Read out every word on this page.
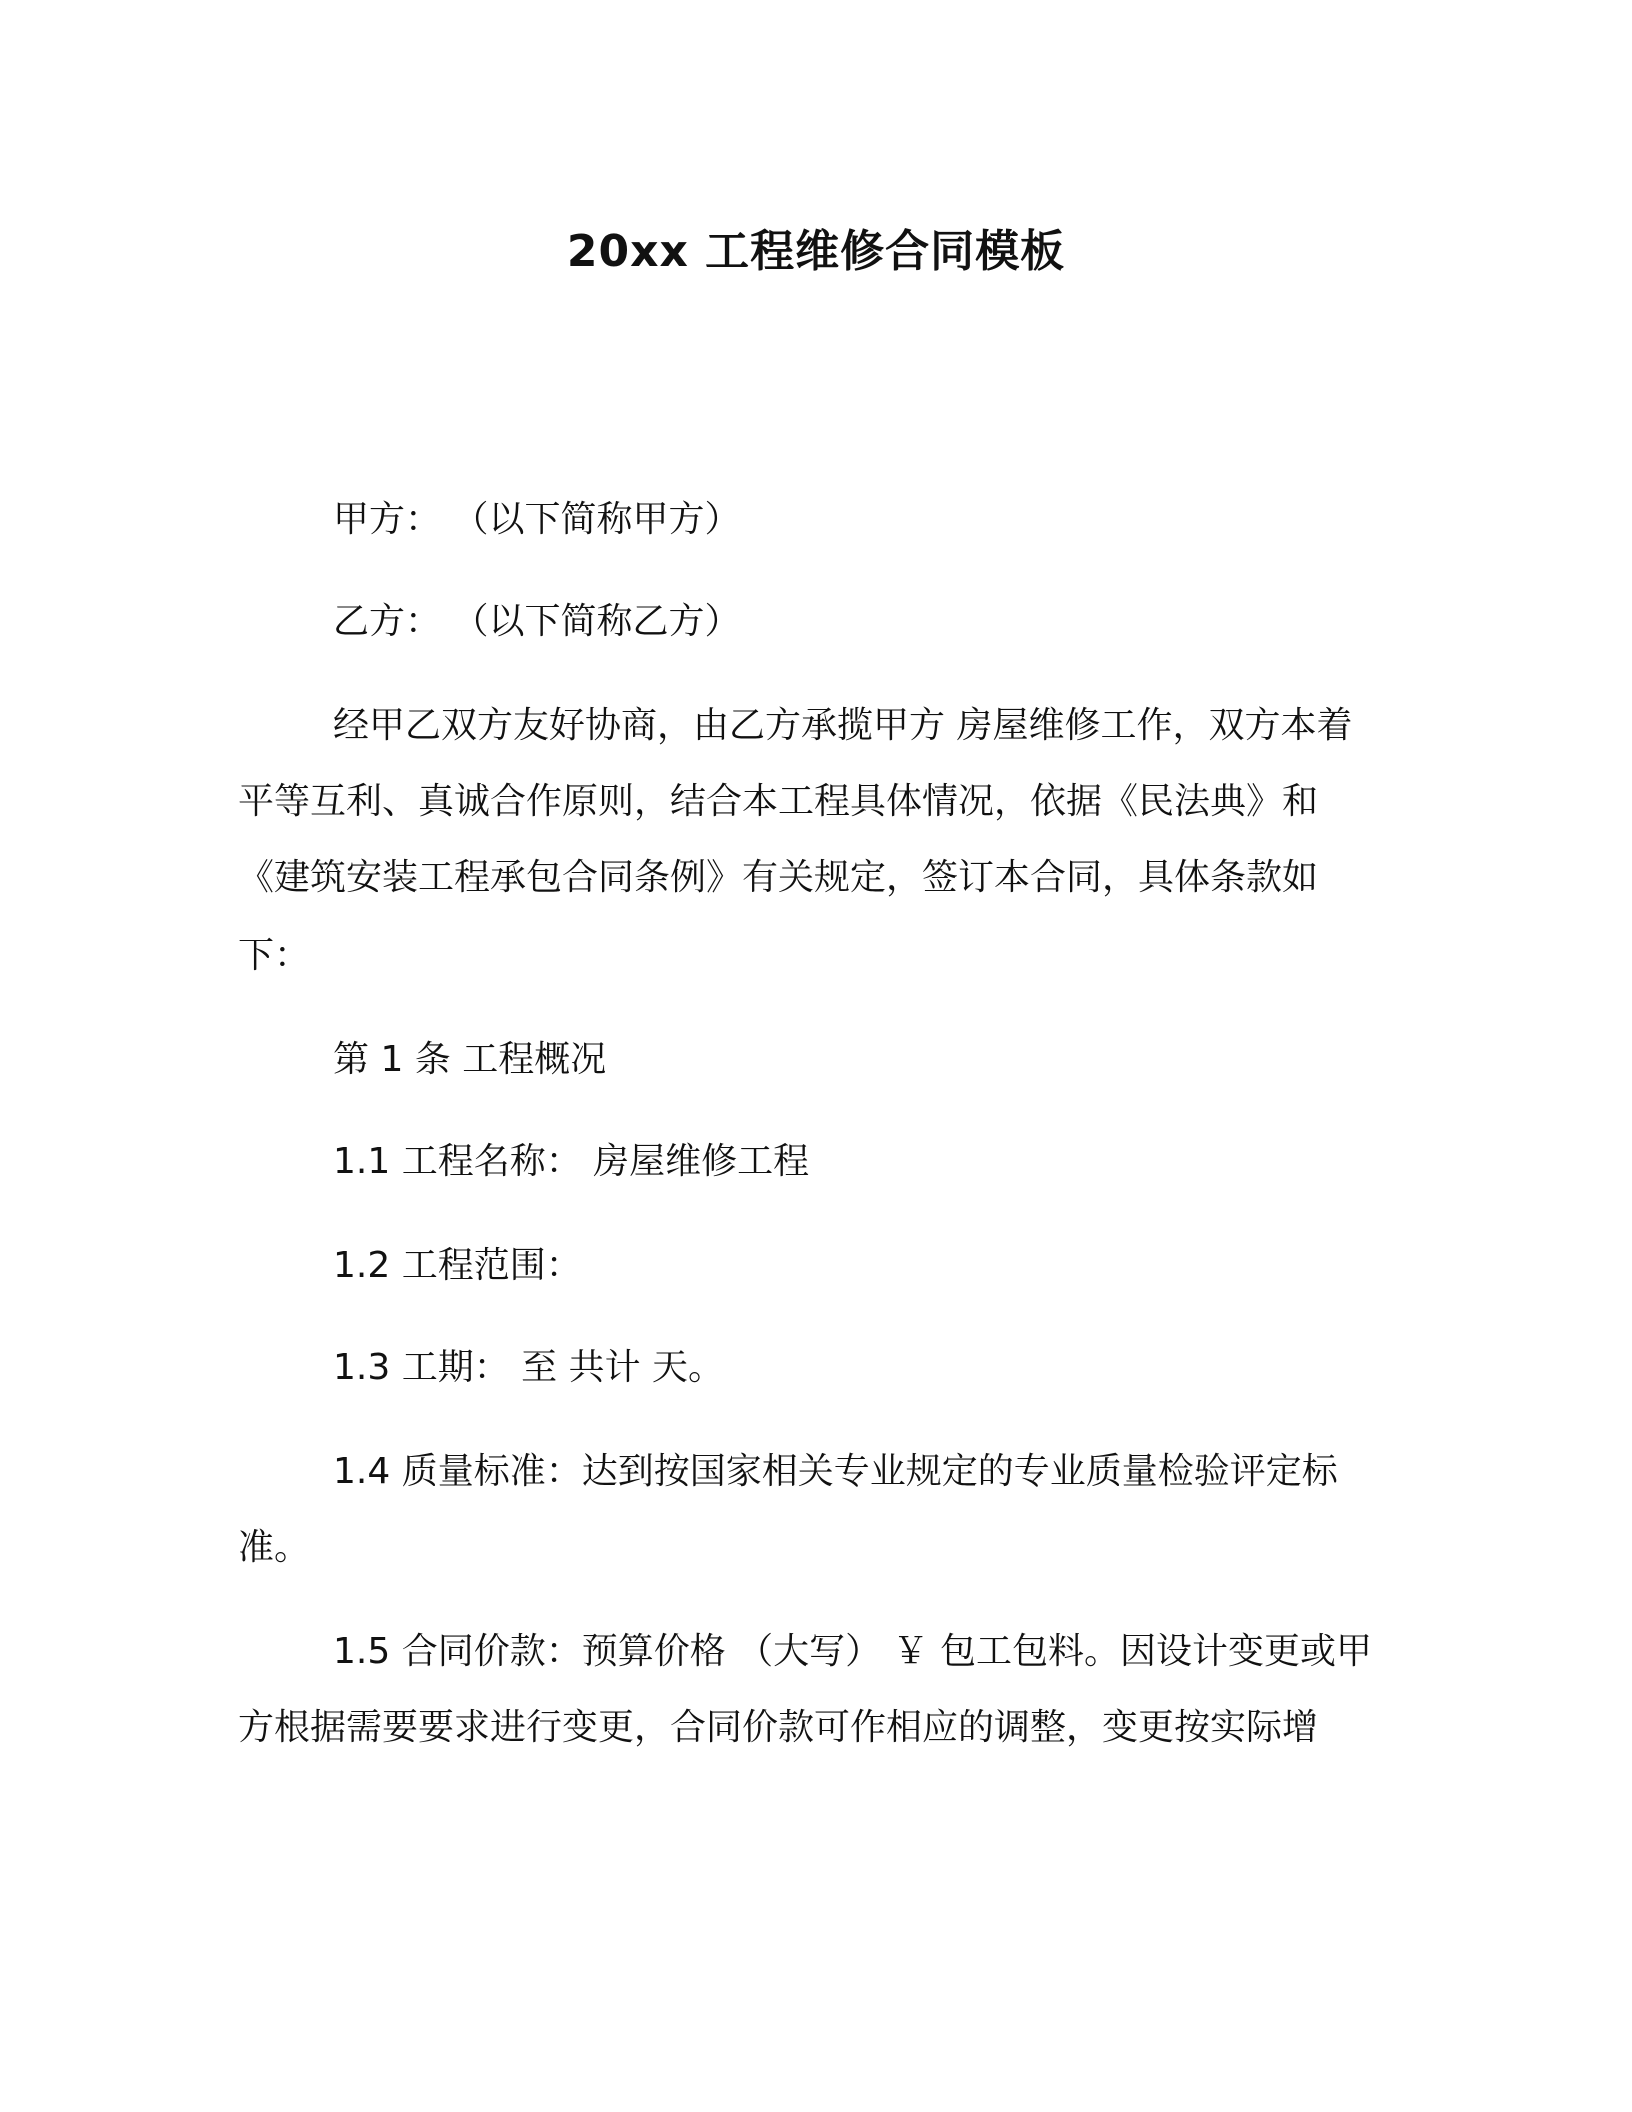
20xx 工程维修合同模板
甲方： （以下简称甲方）
乙方： （以下简称乙方）
经甲乙双方友好协商，由乙方承揽甲方 房屋维修工作，双方本着
平等互利、真诚合作原则，结合本工程具体情况，依据《民法典》和
《建筑安装工程承包合同条例》有关规定，签订本合同，具体条款如
下：
第 1 条 工程概况
1.1 工程名称： 房屋维修工程
1.2 工程范围：
1.3 工期： 至 共计 天。
1.4 质量标准：达到按国家相关专业规定的专业质量检验评定标
准。
1.5 合同价款：预算价格 （大写） ￥ 包工包料。因设计变更或甲
方根据需要要求进行变更，合同价款可作相应的调整，变更按实际增
